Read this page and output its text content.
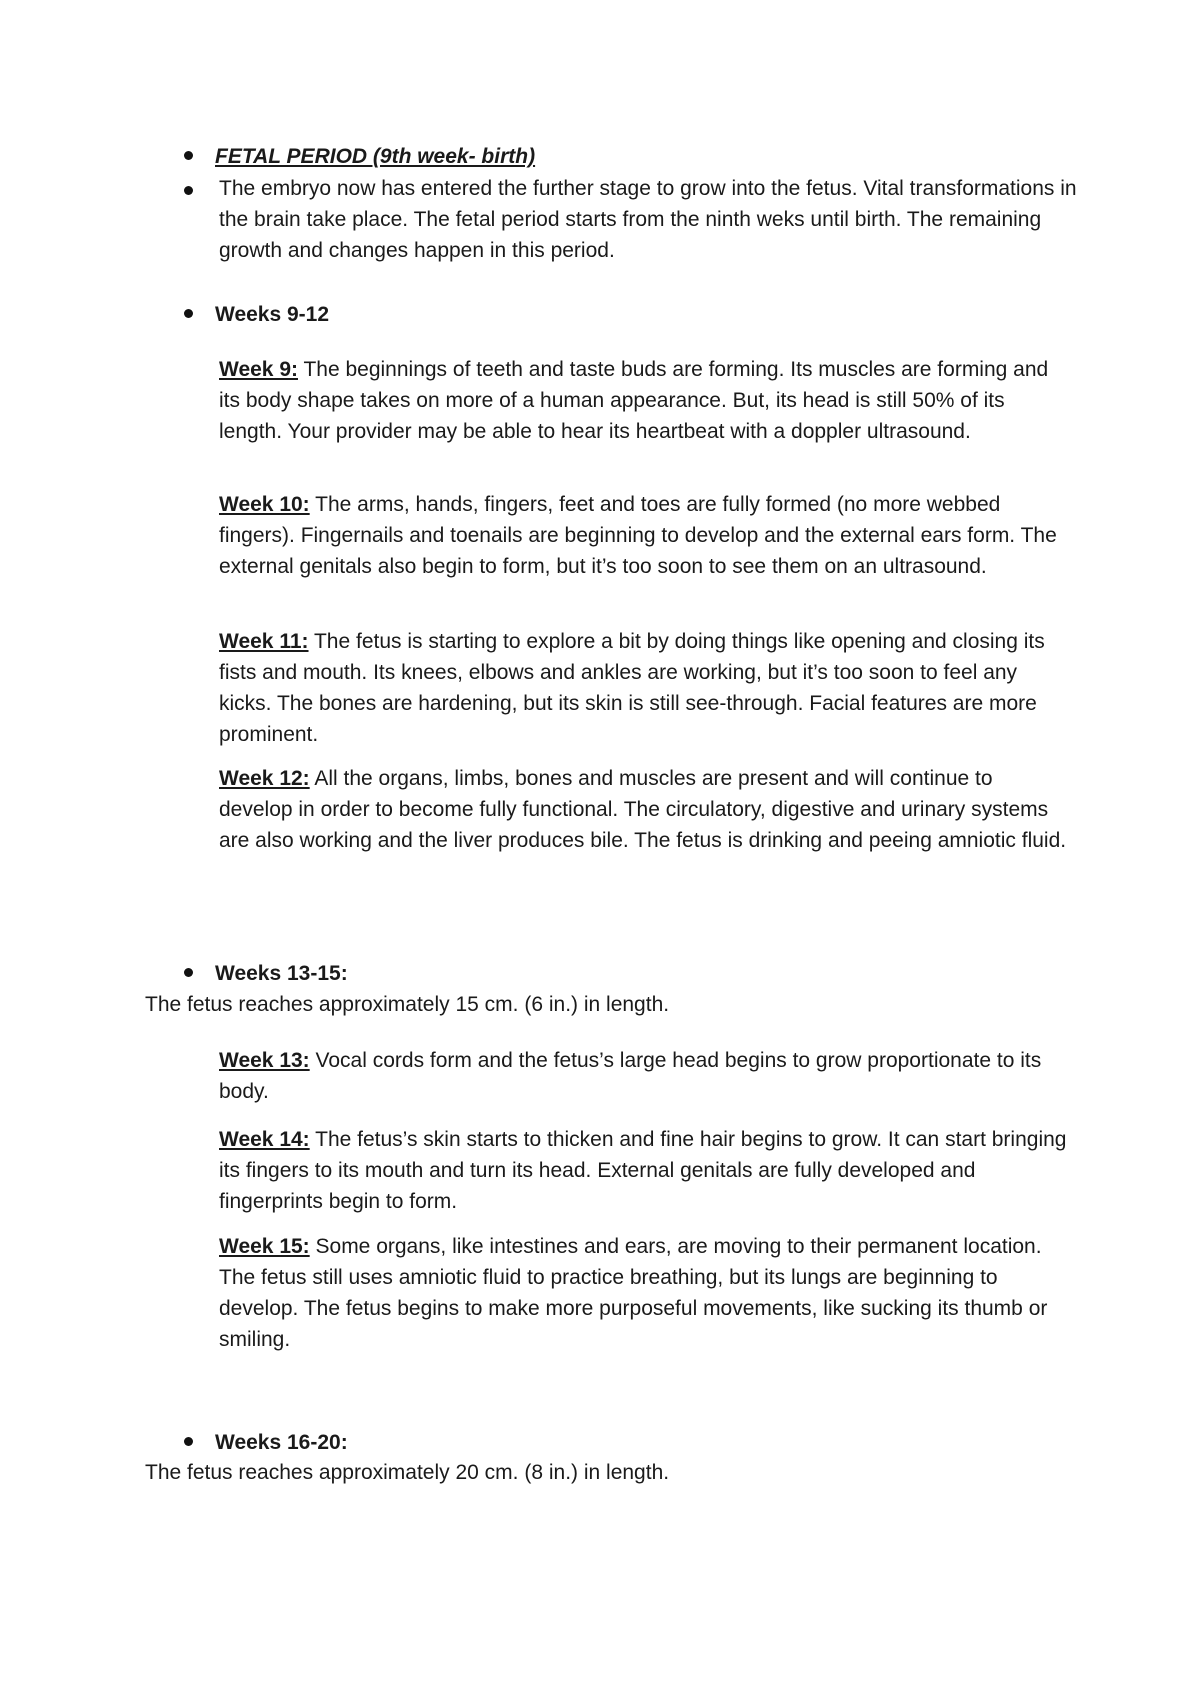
FETAL PERIOD (9th week- birth)
The embryo now has entered the further stage to grow into the fetus. Vital transformations in the brain take place. The fetal period starts from the ninth weks until birth. The remaining growth and changes happen in this period.
Weeks 9-12
Week 9: The beginnings of teeth and taste buds are forming. Its muscles are forming and its body shape takes on more of a human appearance. But, its head is still 50% of its length. Your provider may be able to hear its heartbeat with a doppler ultrasound.
Week 10: The arms, hands, fingers, feet and toes are fully formed (no more webbed fingers). Fingernails and toenails are beginning to develop and the external ears form. The external genitals also begin to form, but it’s too soon to see them on an ultrasound.
Week 11: The fetus is starting to explore a bit by doing things like opening and closing its fists and mouth. Its knees, elbows and ankles are working, but it’s too soon to feel any kicks. The bones are hardening, but its skin is still see-through. Facial features are more prominent.
Week 12: All the organs, limbs, bones and muscles are present and will continue to develop in order to become fully functional. The circulatory, digestive and urinary systems are also working and the liver produces bile. The fetus is drinking and peeing amniotic fluid.
Weeks 13-15:
The fetus reaches approximately 15 cm. (6 in.) in length.
Week 13: Vocal cords form and the fetus’s large head begins to grow proportionate to its body.
Week 14: The fetus’s skin starts to thicken and fine hair begins to grow. It can start bringing its fingers to its mouth and turn its head. External genitals are fully developed and fingerprints begin to form.
Week 15: Some organs, like intestines and ears, are moving to their permanent location. The fetus still uses amniotic fluid to practice breathing, but its lungs are beginning to develop. The fetus begins to make more purposeful movements, like sucking its thumb or smiling.
Weeks 16-20:
The fetus reaches approximately 20 cm. (8 in.) in length.
